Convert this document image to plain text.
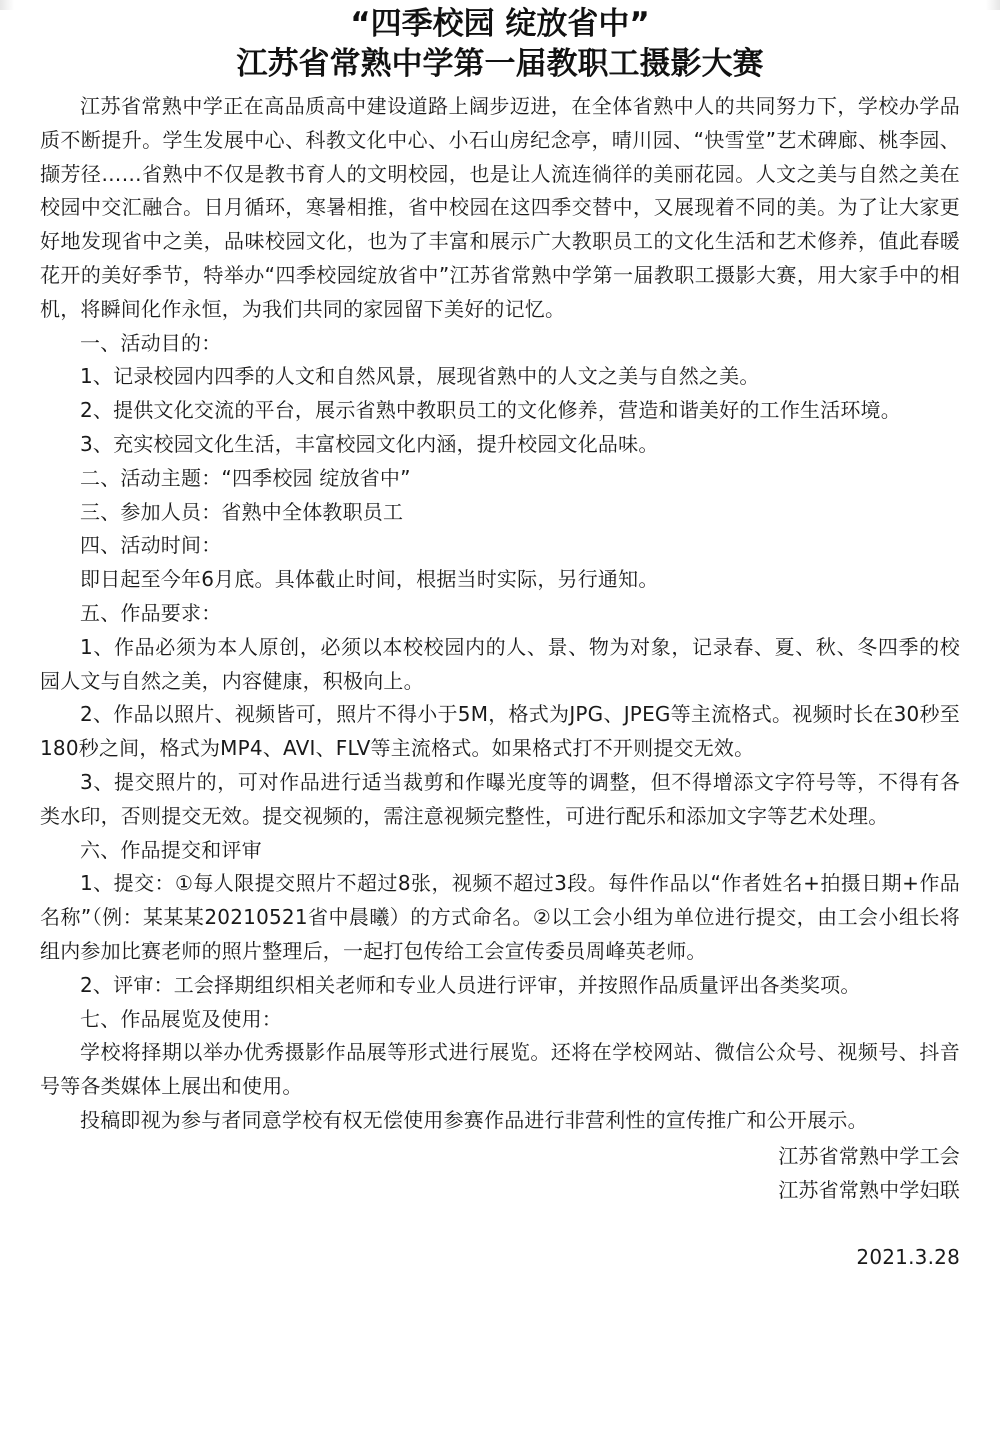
“四季校园 绽放省中”
江苏省常熟中学第一届教职工摄影大赛

江苏省常熟中学正在高品质高中建设道路上阔步迈进，在全体省熟中人的共同努力下，学校办学品质不断提升。学生发展中心、科教文化中心、小石山房纪念亭，晴川园、“快雪堂”艺术碑廊、桃李园、撷芳径……省熟中不仅是教书育人的文明校园，也是让人流连徜徉的美丽花园。人文之美与自然之美在校园中交汇融合。日月循环，寒暑相推，省中校园在这四季交替中，又展现着不同的美。为了让大家更好地发现省中之美，品味校园文化，也为了丰富和展示广大教职员工的文化生活和艺术修养，值此春暖花开的美好季节，特举办“四季校园绽放省中”江苏省常熟中学第一届教职工摄影大赛，用大家手中的相机，将瞬间化作永恒，为我们共同的家园留下美好的记忆。

一、活动目的：

1、记录校园内四季的人文和自然风景，展现省熟中的人文之美与自然之美。

2、提供文化交流的平台，展示省熟中教职员工的文化修养，营造和谐美好的工作生活环境。

3、充实校园文化生活，丰富校园文化内涵，提升校园文化品味。

二、活动主题：“四季校园 绽放省中”

三、参加人员：省熟中全体教职员工

四、活动时间：

即日起至今年6月底。具体截止时间，根据当时实际，另行通知。

五、作品要求：

1、作品必须为本人原创，必须以本校校园内的人、景、物为对象，记录春、夏、秋、冬四季的校园人文与自然之美，内容健康，积极向上。

2、作品以照片、视频皆可，照片不得小于5M，格式为JPG、JPEG等主流格式。视频时长在30秒至180秒之间，格式为MP4、AVI、FLV等主流格式。如果格式打不开则提交无效。

3、提交照片的，可对作品进行适当裁剪和作曝光度等的调整，但不得增添文字符号等，不得有各类水印，否则提交无效。提交视频的，需注意视频完整性，可进行配乐和添加文字等艺术处理。

六、作品提交和评审

1、提交：①每人限提交照片不超过8张，视频不超过3段。每件作品以“作者姓名+拍摄日期+作品名称”（例：某某某20210521省中晨曦）的方式命名。②以工会小组为单位进行提交，由工会小组长将组内参加比赛老师的照片整理后，一起打包传给工会宣传委员周峰英老师。

2、评审：工会择期组织相关老师和专业人员进行评审，并按照作品质量评出各类奖项。

七、作品展览及使用：

学校将择期以举办优秀摄影作品展等形式进行展览。还将在学校网站、微信公众号、视频号、抖音号等各类媒体上展出和使用。

投稿即视为参与者同意学校有权无偿使用参赛作品进行非营利性的宣传推广和公开展示。

江苏省常熟中学工会

江苏省常熟中学妇联

2021.3.28
